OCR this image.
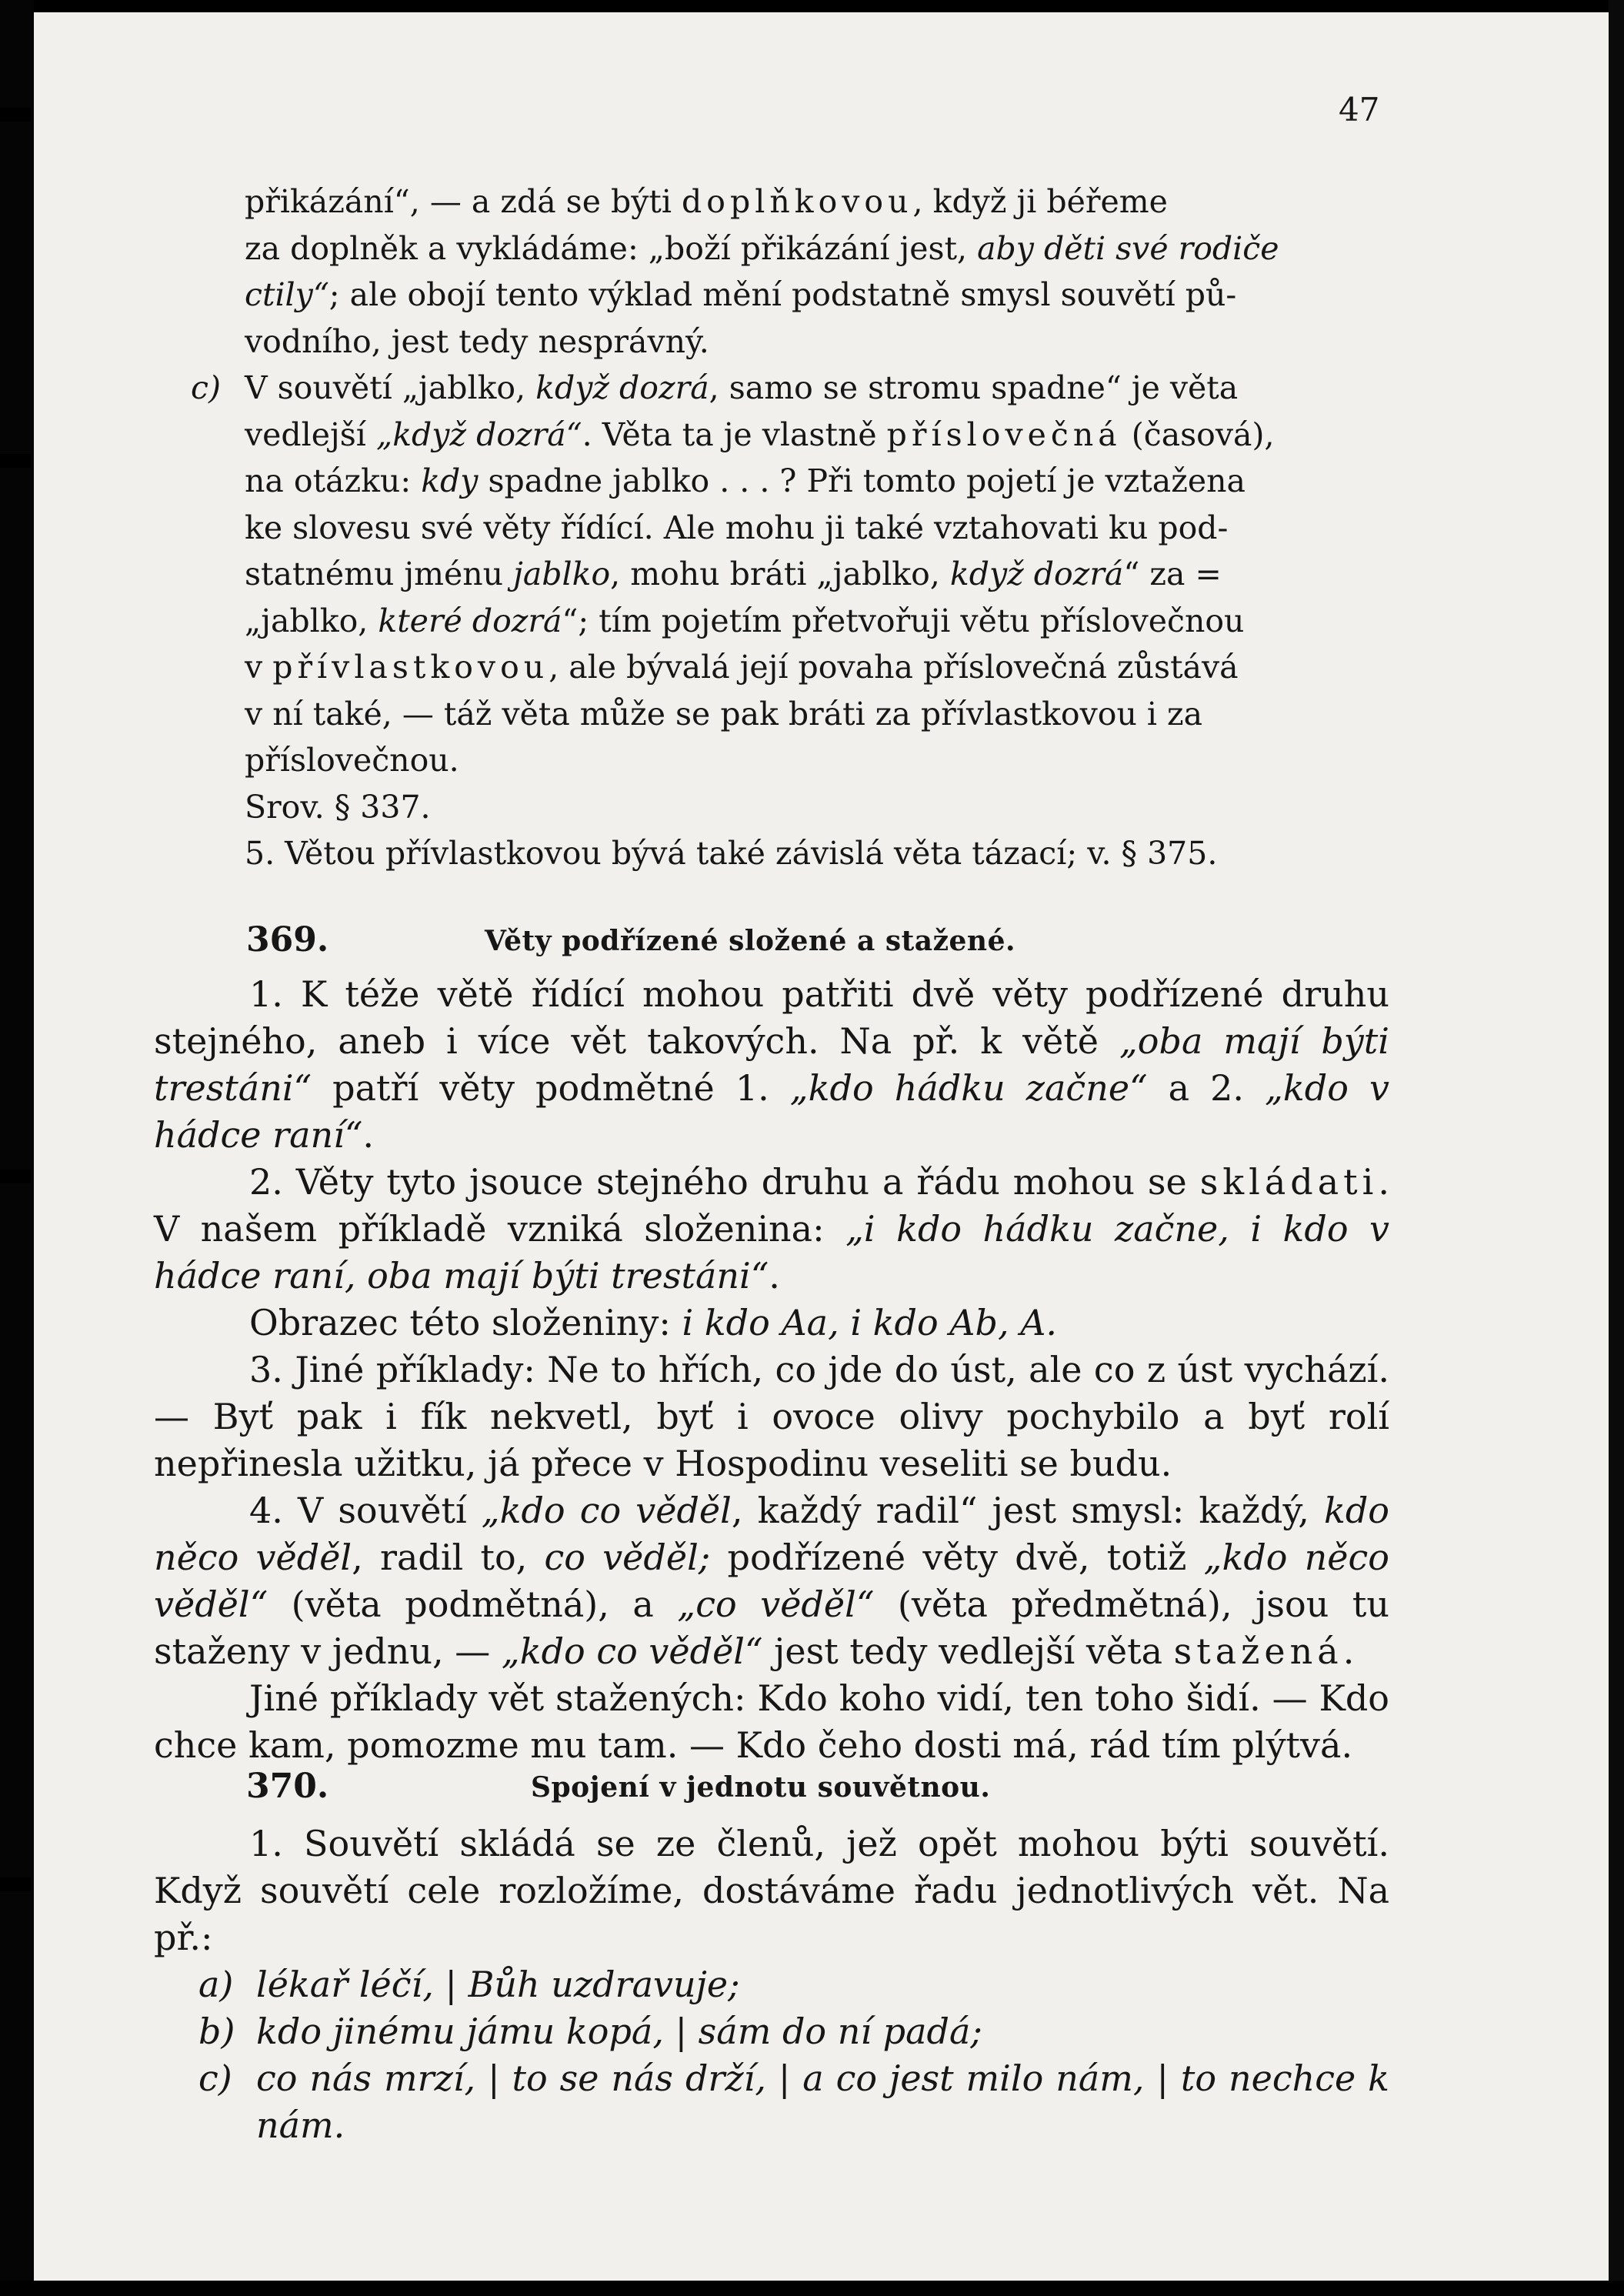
47

přikázání“, — a zdá se býti doplňkovou, když ji béřeme

za doplněk a vykládáme: „boží přikázání jest, aby děti své rodiče

ctily“; ale obojí tento výklad mění podstatně smysl souvětí pů-

vodního, jest tedy nesprávný.

c) V souvětí „jablko, když dozrá, samo se stromu spadne“ je věta

vedlejší „když dozrá“. Věta ta je vlastně příslovečná (časová),

na otázku: kdy spadne jablko . . . ? Při tomto pojetí je vztažena

ke slovesu své věty řídící. Ale mohu ji také vztahovati ku pod-

statnému jménu jablko, mohu bráti „jablko, když dozrá“ za =

„jablko, které dozrá“; tím pojetím přetvořuji větu příslovečnou

v přívlastkovou, ale bývalá její povaha příslovečná zůstává

v ní také, — táž věta může se pak bráti za přívlastkovou i za

příslovečnou.

Srov. § 337.

5. Větou přívlastkovou bývá také závislá věta tázací; v. § 375.

369.	Věty podřízené složené a stažené.

1. K téže větě řídící mohou patřiti dvě věty podřízené druhu stejného, aneb i více vět takových. Na př. k větě „oba mají býti trestáni“ patří věty podmětné 1. „kdo hádku začne“ a 2. „kdo v hádce raní“.

2. Věty tyto jsouce stejného druhu a řádu mohou se skládati. V našem příkladě vzniká složenina: „i kdo hádku začne, i kdo v hádce raní, oba mají býti trestáni“.

Obrazec této složeniny: i kdo Aa, i kdo Ab, A.

3. Jiné příklady: Ne to hřích, co jde do úst, ale co z úst vychází. — Byť pak i fík nekvetl, byť i ovoce olivy pochybilo a byť rolí nepřinesla užitku, já přece v Hospodinu veseliti se budu.

4. V souvětí „kdo co věděl, každý radil“ jest smysl: každý, kdo něco věděl, radil to, co věděl; podřízené věty dvě, totiž „kdo něco věděl“ (věta podmětná), a „co věděl“ (věta předmětná), jsou tu staženy v jednu, — „kdo co věděl“ jest tedy vedlejší věta stažená.

Jiné příklady vět stažených: Kdo koho vidí, ten toho šidí. — Kdo chce kam, pomozme mu tam. — Kdo čeho dosti má, rád tím plýtvá.

370.	Spojení v jednotu souvětnou.

1. Souvětí skládá se ze členů, jež opět mohou býti souvětí. Když souvětí cele rozložíme, dostáváme řadu jednotlivých vět. Na př.:

a) lékař léčí, | Bůh uzdravuje;

b) kdo jinému jámu kopá, | sám do ní padá;

c) co nás mrzí, | to se nás drží, | a co jest milo nám, | to nechce k nám.
